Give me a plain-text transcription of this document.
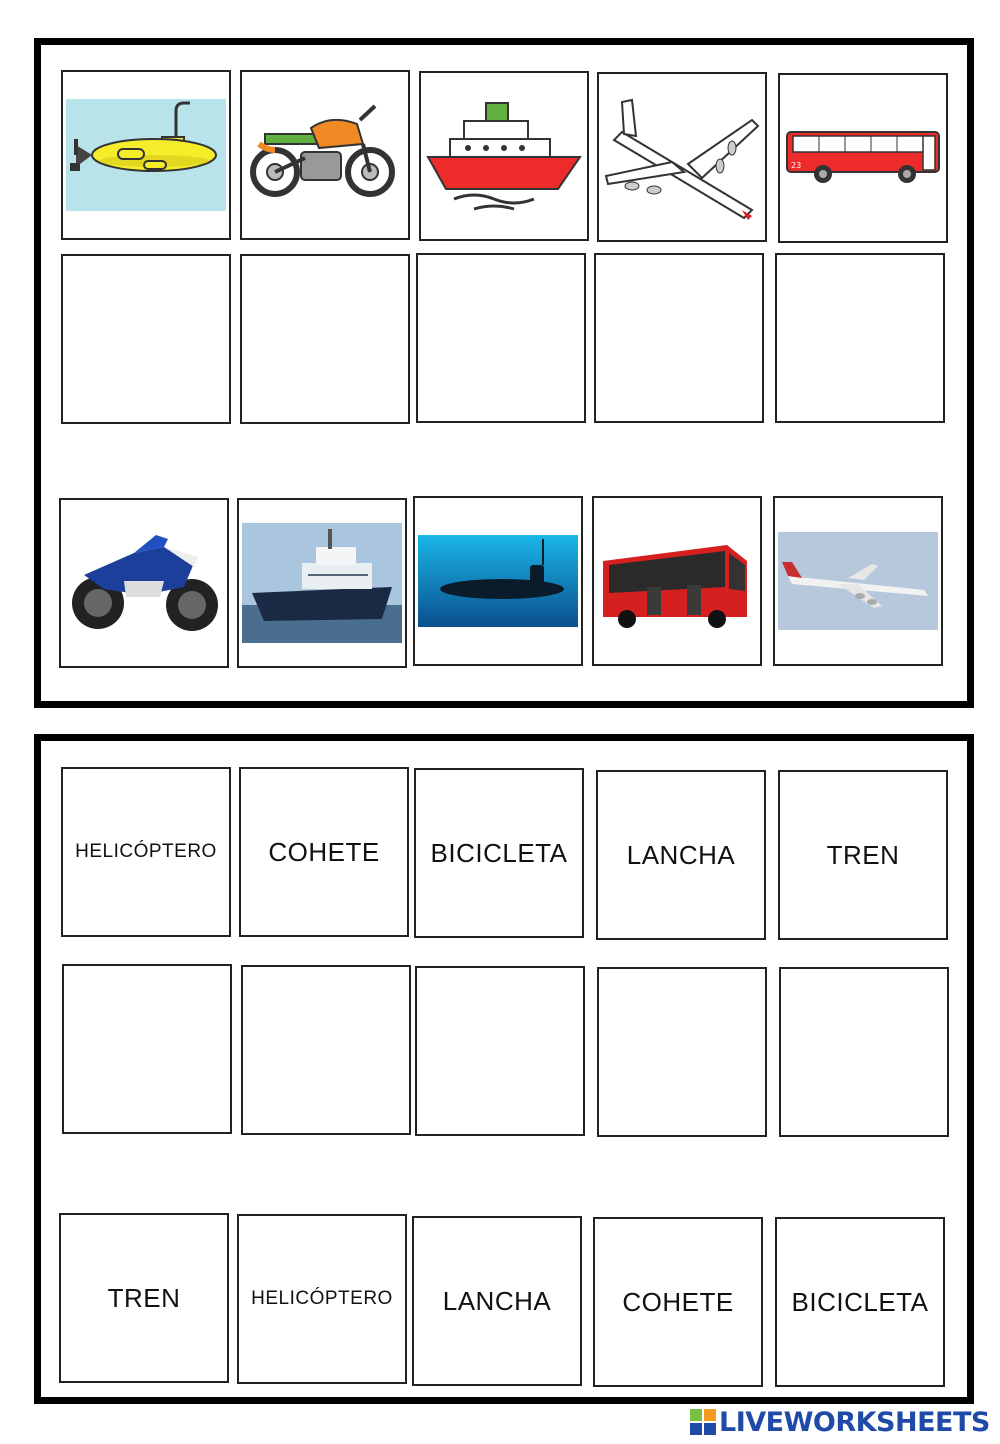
23
HELICÓPTERO COHETE BICICLETA LANCHA	TREN
TREN	HELICÓPTERO LANCHA	COHETE BICICLETA
LIVEWORKSHEETS
